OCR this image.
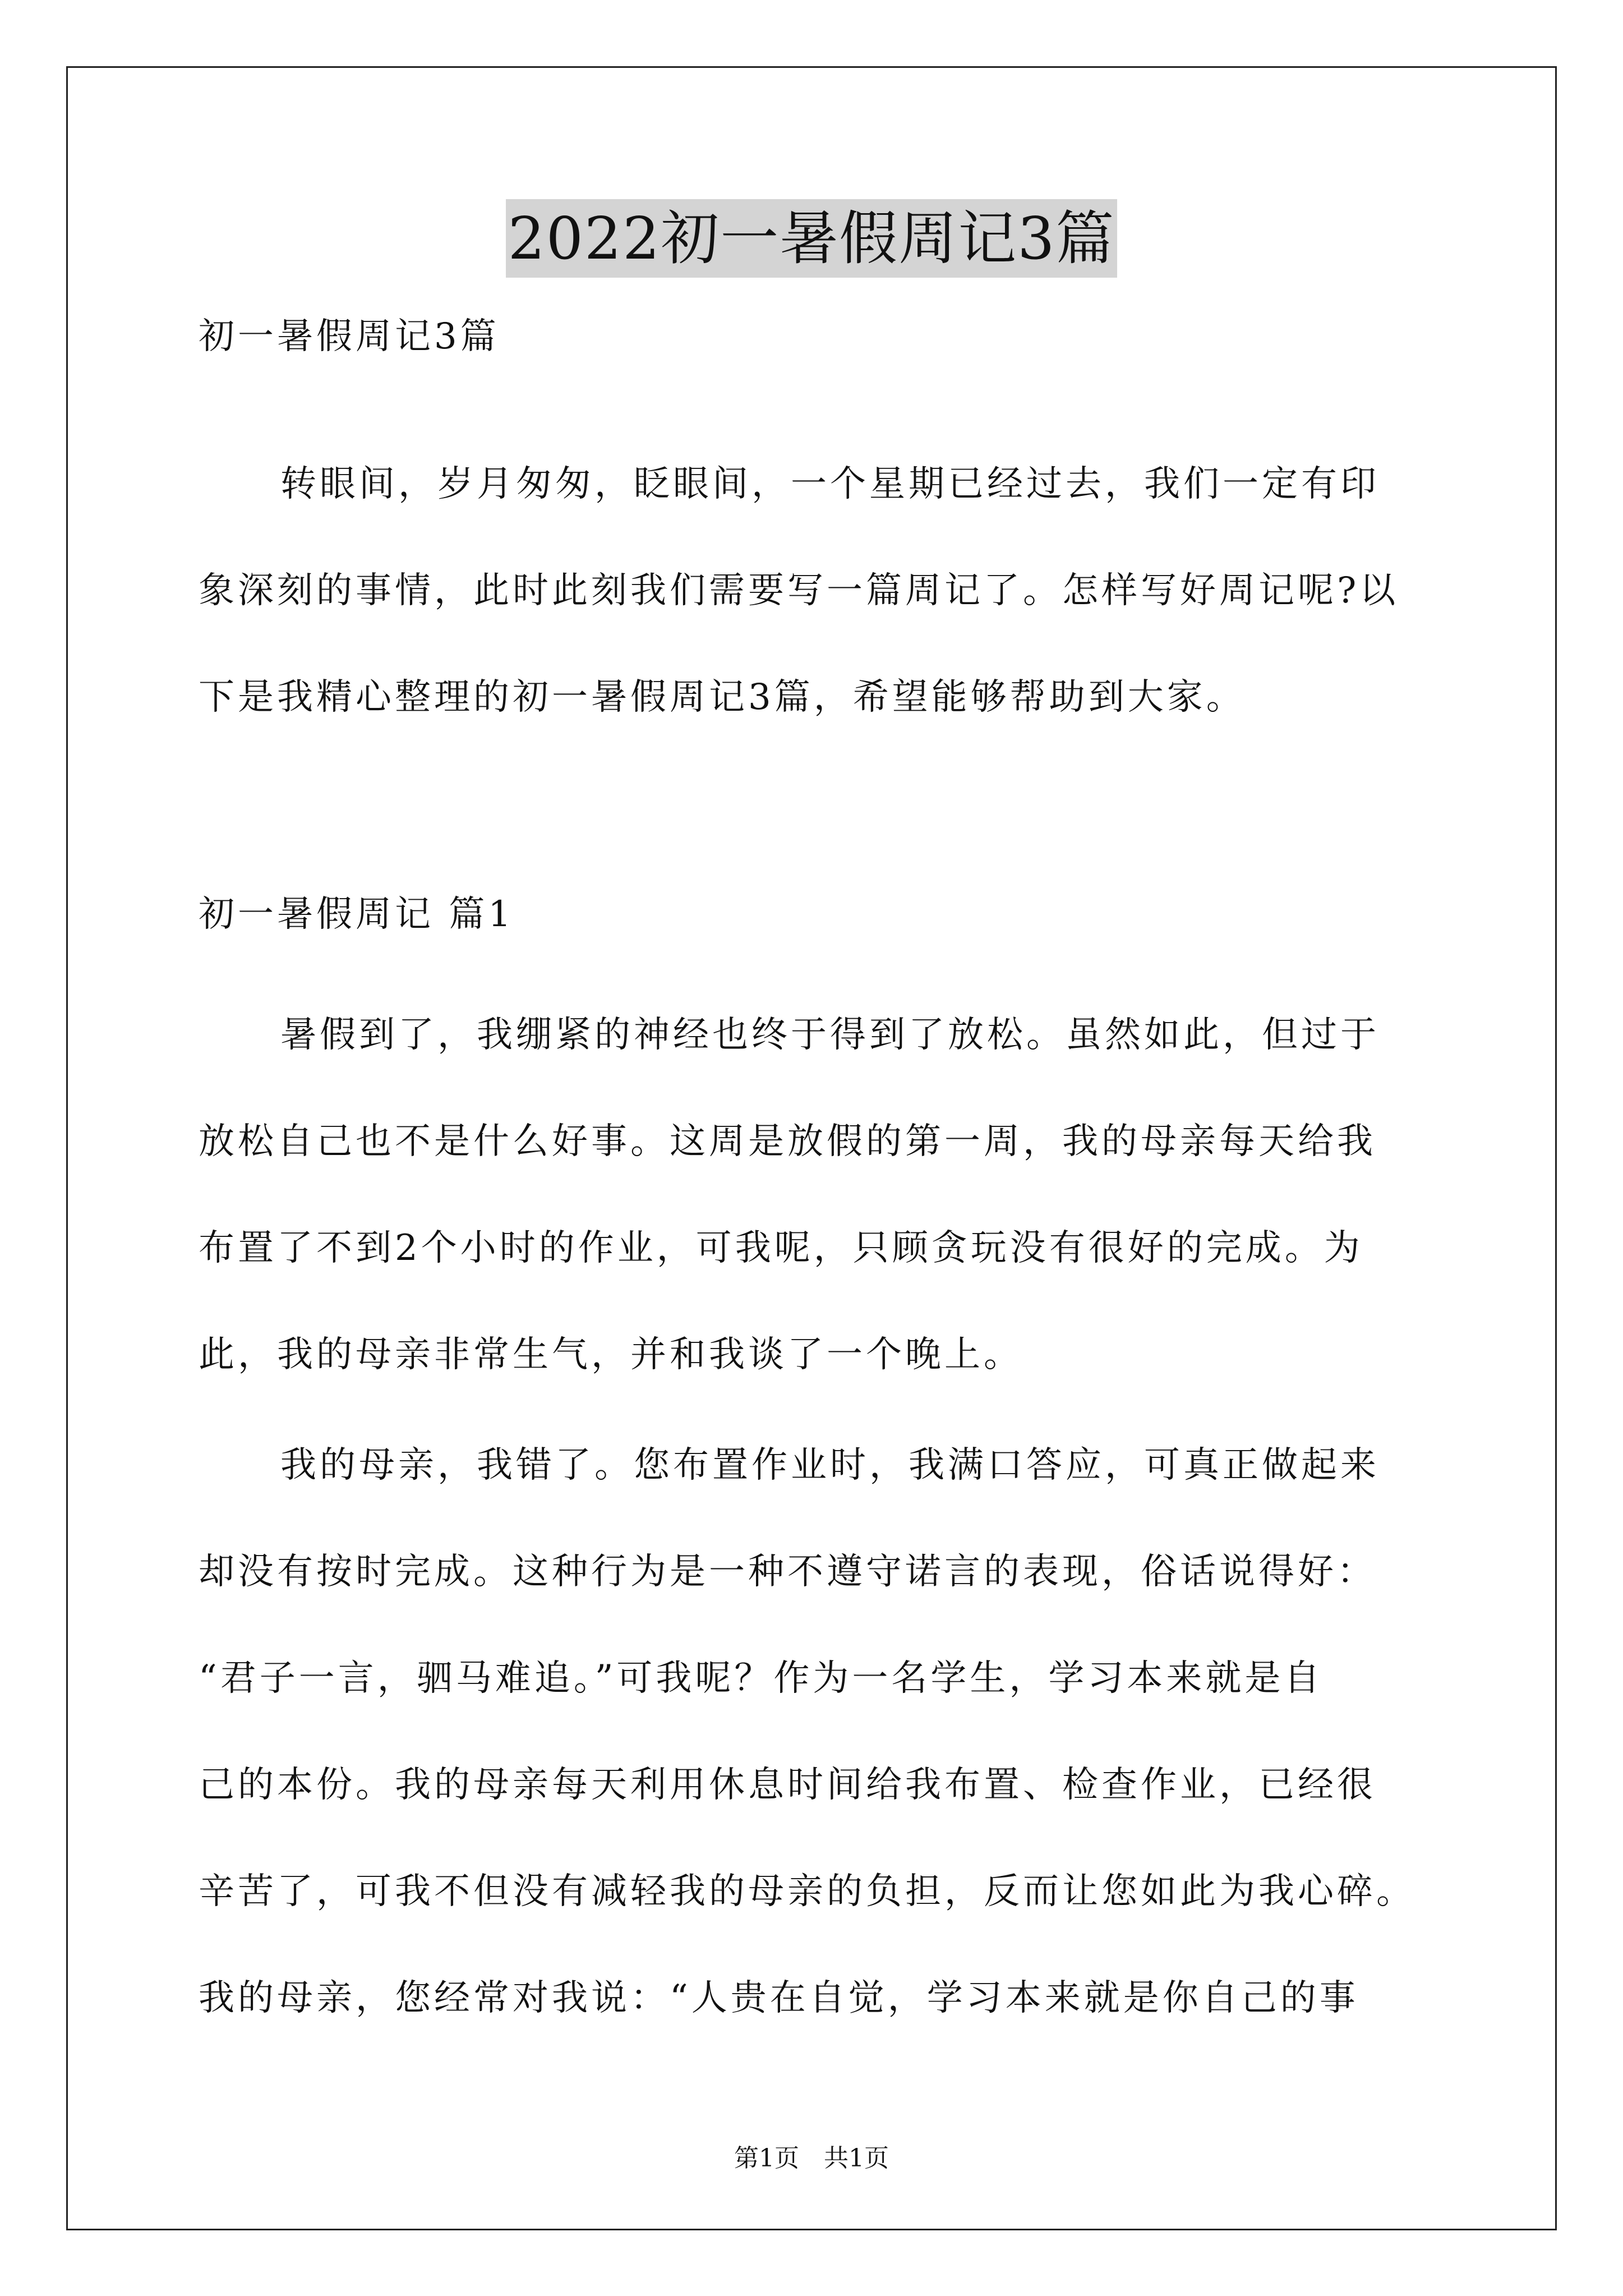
2022初一暑假周记3篇
初一暑假周记3篇
转眼间，岁月匆匆，眨眼间，一个星期已经过去，我们一定有印
象深刻的事情，此时此刻我们需要写一篇周记了。怎样写好周记呢?以
下是我精心整理的初一暑假周记3篇，希望能够帮助到大家。
初一暑假周记 篇1
暑假到了，我绷紧的神经也终于得到了放松。虽然如此，但过于
放松自己也不是什么好事。这周是放假的第一周，我的母亲每天给我
布置了不到2个小时的作业，可我呢，只顾贪玩没有很好的完成。为
此，我的母亲非常生气，并和我谈了一个晚上。
我的母亲，我错了。您布置作业时，我满口答应，可真正做起来
却没有按时完成。这种行为是一种不遵守诺言的表现，俗话说得好：
“君子一言，驷马难追。”可我呢？作为一名学生，学习本来就是自
己的本份。我的母亲每天利用休息时间给我布置、检查作业，已经很
辛苦了，可我不但没有减轻我的母亲的负担，反而让您如此为我心碎。
我的母亲，您经常对我说：“人贵在自觉，学习本来就是你自己的事
第1页　共1页
